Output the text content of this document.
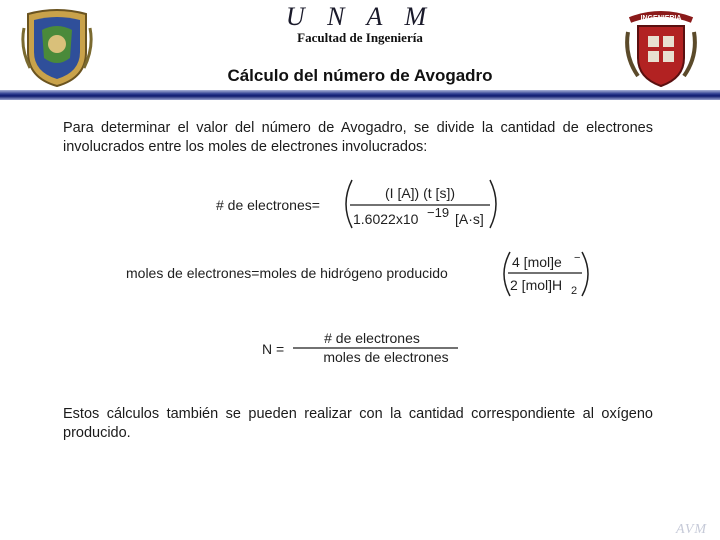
U N A M
Facultad de Ingeniería
INGENIERIA
Cálculo del número de Avogadro
Para determinar el valor del número de Avogadro, se divide la cantidad de electrones involucrados entre los moles de electrones involucrados:
# de electrones=
(I [A]) (t [s])
1.6022x10 −19 [A·s]
moles de electrones=moles de hidrógeno producido
4 [mol]e −
2 [mol]H 2
N =
# de electrones
moles de electrones
Estos cálculos también se pueden realizar con la cantidad correspondiente al oxígeno producido.
AVM
